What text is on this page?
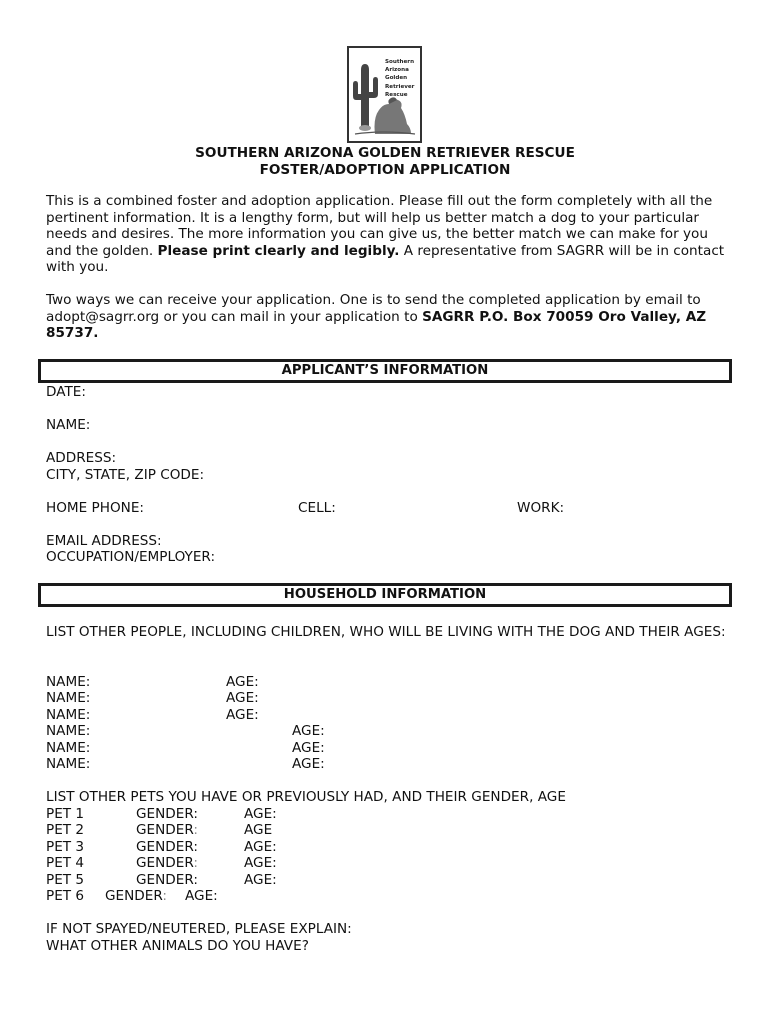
Southern
Arizona
Golden
Retriever
Rescue
SOUTHERN ARIZONA GOLDEN RETRIEVER RESCUE
FOSTER/ADOPTION APPLICATION
This is a combined foster and adoption application. Please fill out the form completely with all the pertinent information. It is a lengthy form, but will help us better match a dog to your particular needs and desires. The more information you can give us, the better match we can make for you and the golden. Please print clearly and legibly. A representative from SAGRR will be in contact with you.
Two ways we can receive your application. One is to send the completed application by email to adopt@sagrr.org or you can mail in your application to SAGRR P.O. Box 70059 Oro Valley, AZ 85737.
APPLICANT’S INFORMATION
DATE:
NAME:
ADDRESS:
CITY, STATE, ZIP CODE:
HOME PHONE:	CELL:	WORK:
EMAIL ADDRESS:
OCCUPATION/EMPLOYER:
HOUSEHOLD INFORMATION
LIST OTHER PEOPLE, INCLUDING CHILDREN, WHO WILL BE LIVING WITH THE DOG AND THEIR AGES:
NAME:	AGE:
NAME:	AGE:
NAME:	AGE:
NAME:	AGE:
NAME:	AGE:
NAME:	AGE:
LIST OTHER PETS YOU HAVE OR PREVIOUSLY HAD, AND THEIR GENDER, AGE
PET 1	GENDER:	AGE:
PET 2	GENDER:	AGE
PET 3	GENDER:	AGE:
PET 4	GENDER:	AGE:
PET 5	GENDER:	AGE:
PET 6 GENDER: AGE:
IF NOT SPAYED/NEUTERED, PLEASE EXPLAIN:
WHAT OTHER ANIMALS DO YOU HAVE?
